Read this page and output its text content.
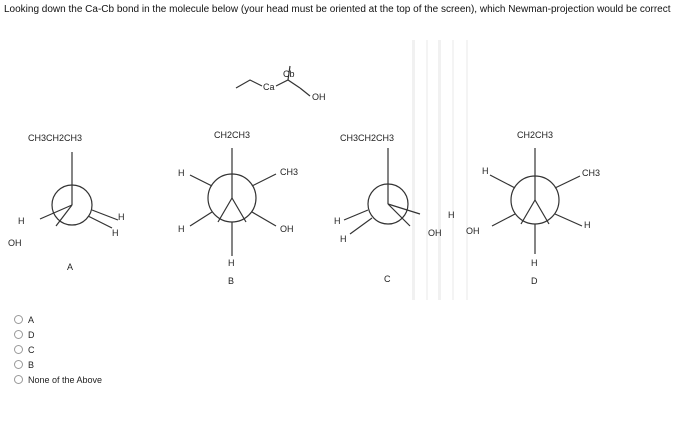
Looking down the Ca-Cb bond in the molecule below (your head must be oriented at the top of the screen), which Newman-projection would be correct
Ca
Cb
OH
CH3CH2CH3
H
OH
H
H
A
CH2CH3
H
H
CH3
OH
H
B
CH3CH2CH3
H
H
H
OH
C
CH2CH3
H
OH
CH3
H
H
D
A
D
C
B
None of the Above
